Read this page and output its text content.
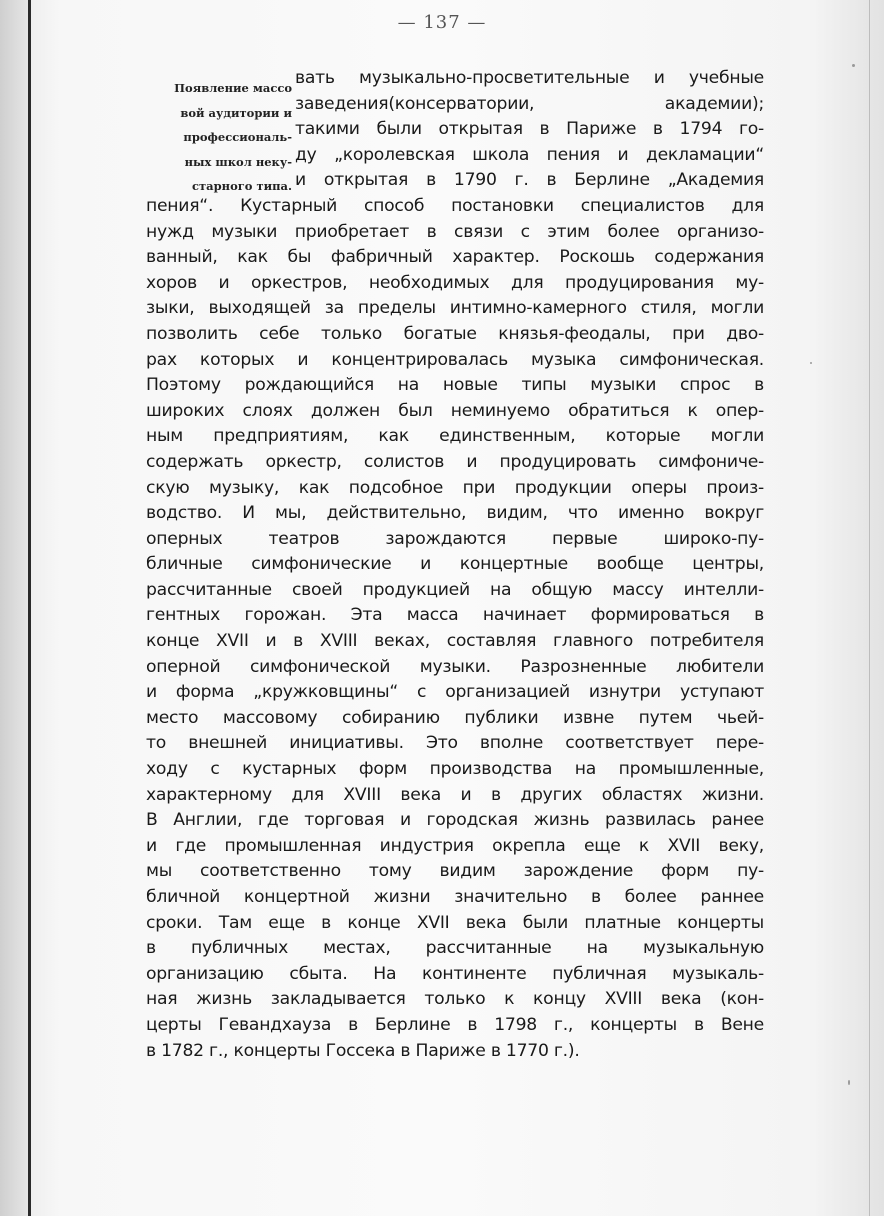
— 137 —
Появление массо
вой аудитории и
профессиональ-
ных школ неку-
старного типа.
вать музыкально-просветительные и учебные
заведения(консерватории, академии);
такими были открытая в Париже в 1794 го-
ду „королевская школа пения и декламации“
и открытая в 1790 г. в Берлине „Академия
пения“. Кустарный способ постановки специалистов для
нужд музыки приобретает в связи с этим более организо-
ванный, как бы фабричный характер. Роскошь содержания
хоров и оркестров, необходимых для продуцирования му-
зыки, выходящей за пределы интимно-камерного стиля, могли
позволить себе только богатые князья-феодалы, при дво-
рах которых и концентрировалась музыка симфоническая.
Поэтому рождающийся на новые типы музыки спрос в
широких слоях должен был неминуемо обратиться к опер-
ным предприятиям, как единственным, которые могли
содержать оркестр, солистов и продуцировать симфониче-
скую музыку, как подсобное при продукции оперы произ-
водство. И мы, действительно, видим, что именно вокруг
оперных театров зарождаются первые широко-пу-
бличные симфонические и концертные вообще центры,
рассчитанные своей продукцией на общую массу интелли-
гентных горожан. Эта масса начинает формироваться в
конце XVII и в XVIII веках, составляя главного потребителя
оперной симфонической музыки. Разрозненные любители
и форма „кружковщины“ с организацией изнутри уступают
место массовому собиранию публики извне путем чьей-
то внешней инициативы. Это вполне соответствует пере-
ходу с кустарных форм производства на промышленные,
характерному для XVIII века и в других областях жизни.
В Англии, где торговая и городская жизнь развилась ранее
и где промышленная индустрия окрепла еще к XVII веку,
мы соответственно тому видим зарождение форм пу-
бличной концертной жизни значительно в более раннее
сроки. Там еще в конце XVII века были платные концерты
в публичных местах, рассчитанные на музыкальную
организацию сбыта. На континенте публичная музыкаль-
ная жизнь закладывается только к концу XVIII века (кон-
церты Гевандхауза в Берлине в 1798 г., концерты в Вене
в 1782 г., концерты Госсека в Париже в 1770 г.).
